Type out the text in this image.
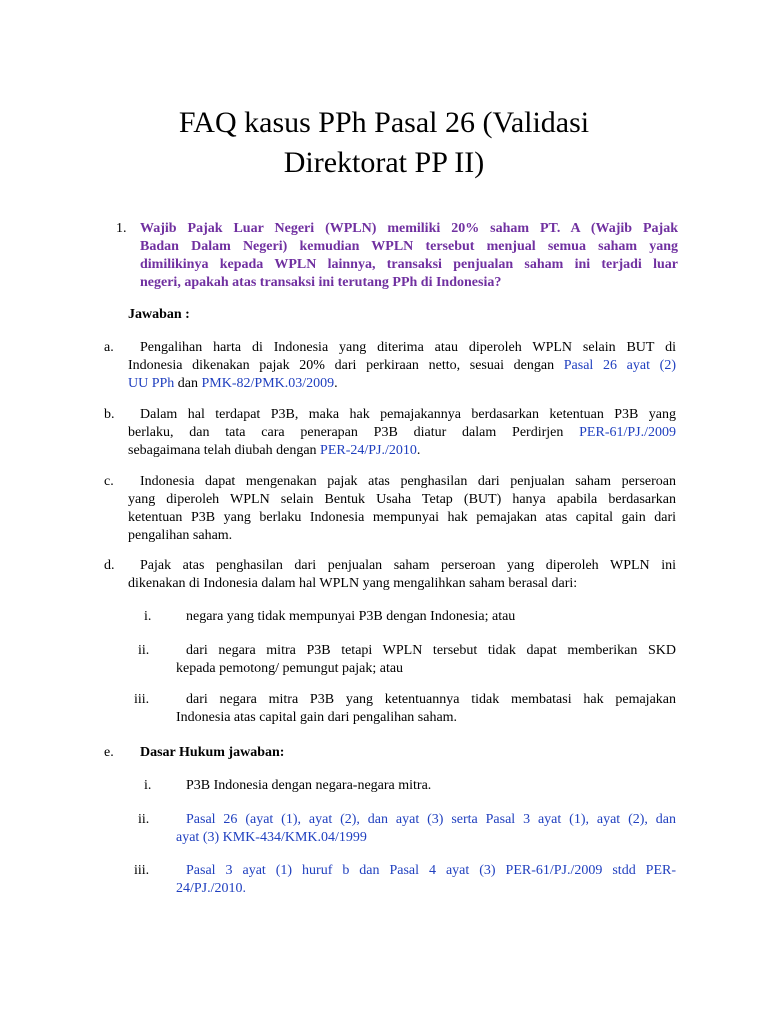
FAQ kasus PPh Pasal 26 (Validasi
Direktorat PP II)
1. Wajib Pajak Luar Negeri (WPLN) memiliki 20% saham PT. A (Wajib Pajak
Badan Dalam Negeri) kemudian WPLN tersebut menjual semua saham yang
dimilikinya kepada WPLN lainnya, transaksi penjualan saham ini terjadi luar
negeri, apakah atas transaksi ini terutang PPh di Indonesia?
Jawaban :
a.	Pengalihan harta di Indonesia yang diterima atau diperoleh WPLN selain BUT di
Indonesia dikenakan pajak 20% dari perkiraan netto, sesuai dengan Pasal 26 ayat (2)
UU PPh dan PMK-82/PMK.03/2009.
b.	Dalam hal terdapat P3B, maka hak pemajakannya berdasarkan ketentuan P3B yang
berlaku, dan tata cara penerapan P3B diatur dalam Perdirjen PER-61/PJ./2009
sebagaimana telah diubah dengan PER-24/PJ./2010.
c.	Indonesia dapat mengenakan pajak atas penghasilan dari penjualan saham perseroan
yang diperoleh WPLN selain Bentuk Usaha Tetap (BUT) hanya apabila berdasarkan
ketentuan P3B yang berlaku Indonesia mempunyai hak pemajakan atas capital gain dari
pengalihan saham.
d.	Pajak atas penghasilan dari penjualan saham perseroan yang diperoleh WPLN ini
dikenakan di Indonesia dalam hal WPLN yang mengalihkan saham berasal dari:
i.	negara yang tidak mempunyai P3B dengan Indonesia; atau
ii.	dari negara mitra P3B tetapi WPLN tersebut tidak dapat memberikan SKD
kepada pemotong/ pemungut pajak; atau
iii.	dari negara mitra P3B yang ketentuannya tidak membatasi hak pemajakan
Indonesia atas capital gain dari pengalihan saham.
e.	Dasar Hukum jawaban:
i.	P3B Indonesia dengan negara-negara mitra.
ii.	Pasal 26 (ayat (1), ayat (2), dan ayat (3) serta Pasal 3 ayat (1), ayat (2), dan
ayat (3) KMK-434/KMK.04/1999
iii.	Pasal 3 ayat (1) huruf b dan Pasal 4 ayat (3) PER-61/PJ./2009 stdd PER-
24/PJ./2010.
